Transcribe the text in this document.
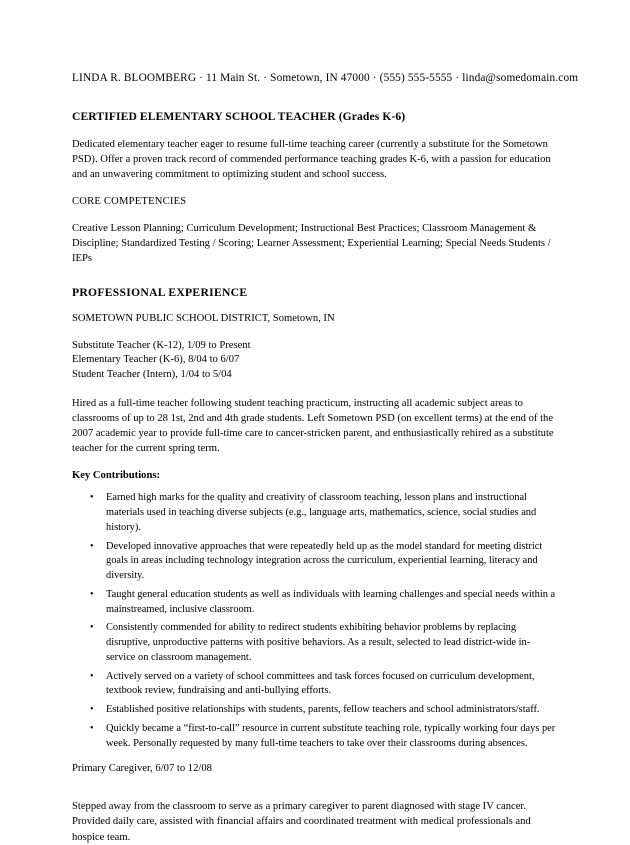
LINDA R. BLOOMBERG · 11 Main St. · Sometown, IN 47000 · (555) 555-5555 · linda@somedomain.com
CERTIFIED ELEMENTARY SCHOOL TEACHER (Grades K-6)
Dedicated elementary teacher eager to resume full-time teaching career (currently a substitute for the Sometown PSD). Offer a proven track record of commended performance teaching grades K-6, with a passion for education and an unwavering commitment to optimizing student and school success.
CORE COMPETENCIES
Creative Lesson Planning; Curriculum Development; Instructional Best Practices; Classroom Management & Discipline; Standardized Testing / Scoring; Learner Assessment; Experiential Learning; Special Needs Students / IEPs
PROFESSIONAL EXPERIENCE
SOMETOWN PUBLIC SCHOOL DISTRICT, Sometown, IN
Substitute Teacher (K-12), 1/09 to Present
Elementary Teacher (K-6), 8/04 to 6/07
Student Teacher (Intern), 1/04 to 5/04
Hired as a full-time teacher following student teaching practicum, instructing all academic subject areas to classrooms of up to 28 1st, 2nd and 4th grade students. Left Sometown PSD (on excellent terms) at the end of the 2007 academic year to provide full-time care to cancer-stricken parent, and enthusiastically rehired as a substitute teacher for the current spring term.
Key Contributions:
• Earned high marks for the quality and creativity of classroom teaching, lesson plans and instructional materials used in teaching diverse subjects (e.g., language arts, mathematics, science, social studies and history).
• Developed innovative approaches that were repeatedly held up as the model standard for meeting district goals in areas including technology integration across the curriculum, experiential learning, literacy and diversity.
• Taught general education students as well as individuals with learning challenges and special needs within a mainstreamed, inclusive classroom.
• Consistently commended for ability to redirect students exhibiting behavior problems by replacing disruptive, unproductive patterns with positive behaviors. As a result, selected to lead district-wide in-service on classroom management.
• Actively served on a variety of school committees and task forces focused on curriculum development, textbook review, fundraising and anti-bullying efforts.
• Established positive relationships with students, parents, fellow teachers and school administrators/staff.
• Quickly became a “first-to-call” resource in current substitute teaching role, typically working four days per week. Personally requested by many full-time teachers to take over their classrooms during absences.
Primary Caregiver, 6/07 to 12/08
Stepped away from the classroom to serve as a primary caregiver to parent diagnosed with stage IV cancer. Provided daily care, assisted with financial affairs and coordinated treatment with medical professionals and hospice team.
